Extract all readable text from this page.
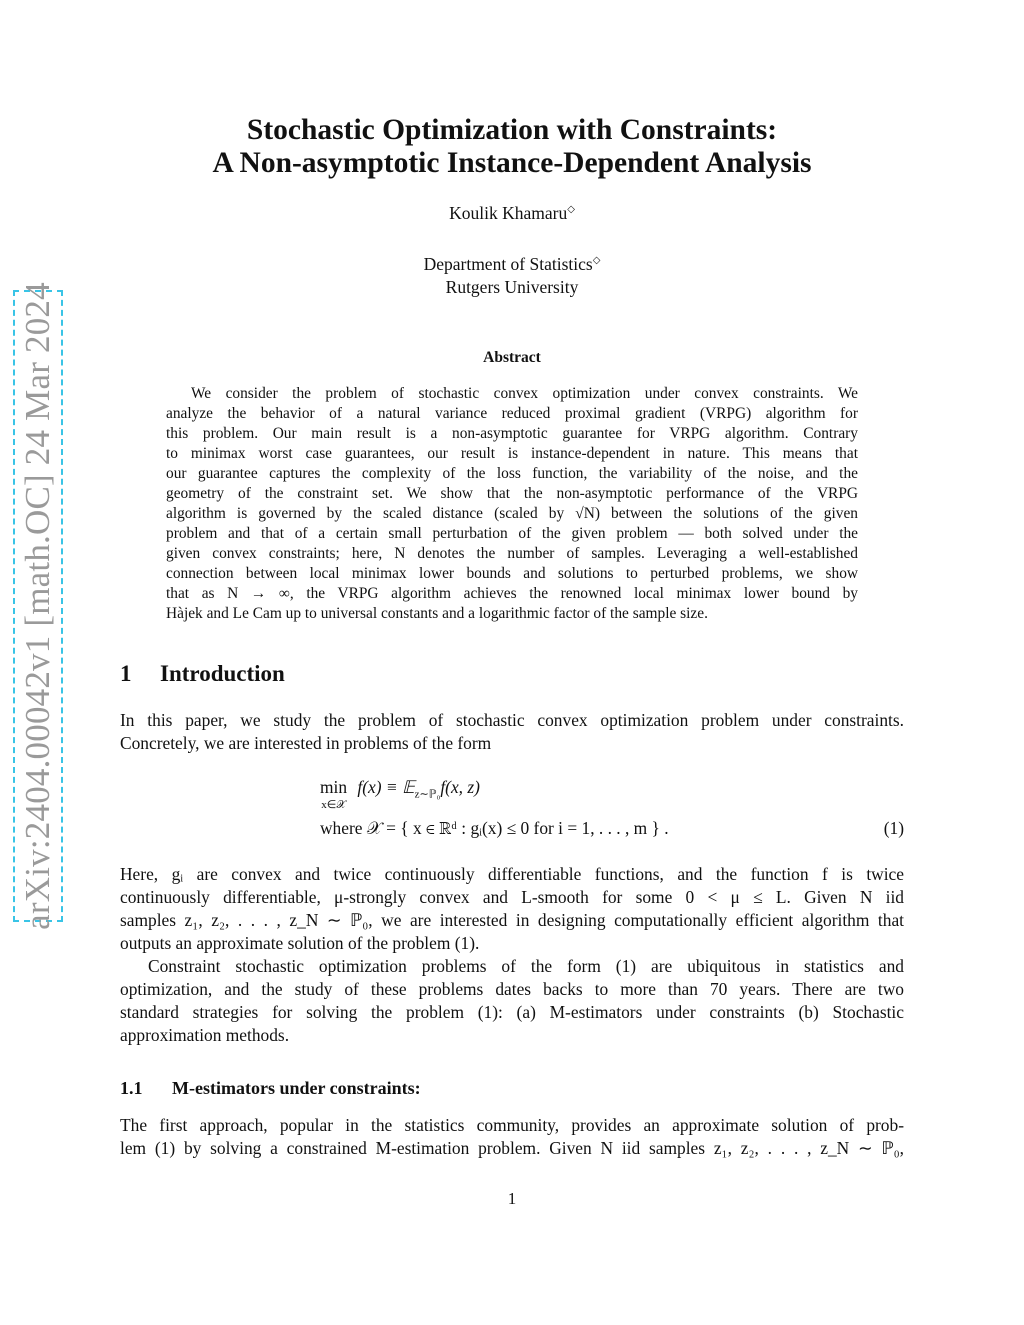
arXiv:2404.00042v1 [math.OC] 24 Mar 2024
Stochastic Optimization with Constraints:
A Non-asymptotic Instance-Dependent Analysis
Koulik Khamaru◇
Department of Statistics◇
Rutgers University
Abstract
We consider the problem of stochastic convex optimization under convex constraints. We
analyze the behavior of a natural variance reduced proximal gradient (VRPG) algorithm for
this problem. Our main result is a non-asymptotic guarantee for VRPG algorithm. Contrary
to minimax worst case guarantees, our result is instance-dependent in nature. This means that
our guarantee captures the complexity of the loss function, the variability of the noise, and the
geometry of the constraint set. We show that the non-asymptotic performance of the VRPG
algorithm is governed by the scaled distance (scaled by √N) between the solutions of the given
problem and that of a certain small perturbation of the given problem — both solved under the
given convex constraints; here, N denotes the number of samples. Leveraging a well-established
connection between local minimax lower bounds and solutions to perturbed problems, we show
that as N → ∞, the VRPG algorithm achieves the renowned local minimax lower bound by
Hàjek and Le Cam up to universal constants and a logarithmic factor of the sample size.
1 Introduction
In this paper, we study the problem of stochastic convex optimization problem under constraints.
Concretely, we are interested in problems of the form
min
$^{x\in 𝒳}$ f(x) ≡ 𝔼$_{z\sim ℙ_0}$f(x, z)
where 𝒳 = { x ∈ ℝᵈ : gᵢ(x) ≤ 0 for i = 1, . . . , m } .	(1)
Here, gᵢ are convex and twice continuously differentiable functions, and the function f is twice
continuously differentiable, μ-strongly convex and L-smooth for some 0 < μ ≤ L. Given N iid
samples z₁, z₂, . . . , z_N ∼ ℙ₀, we are interested in designing computationally efficient algorithm that
outputs an approximate solution of the problem (1).
Constraint stochastic optimization problems of the form (1) are ubiquitous in statistics and
optimization, and the study of these problems dates backs to more than 70 years. There are two
standard strategies for solving the problem (1): (a) M-estimators under constraints (b) Stochastic
approximation methods.
1.1 M-estimators under constraints:
The first approach, popular in the statistics community, provides an approximate solution of prob-
lem (1) by solving a constrained M-estimation problem. Given N iid samples z₁, z₂, . . . , z_N ∼ ℙ₀,
1
